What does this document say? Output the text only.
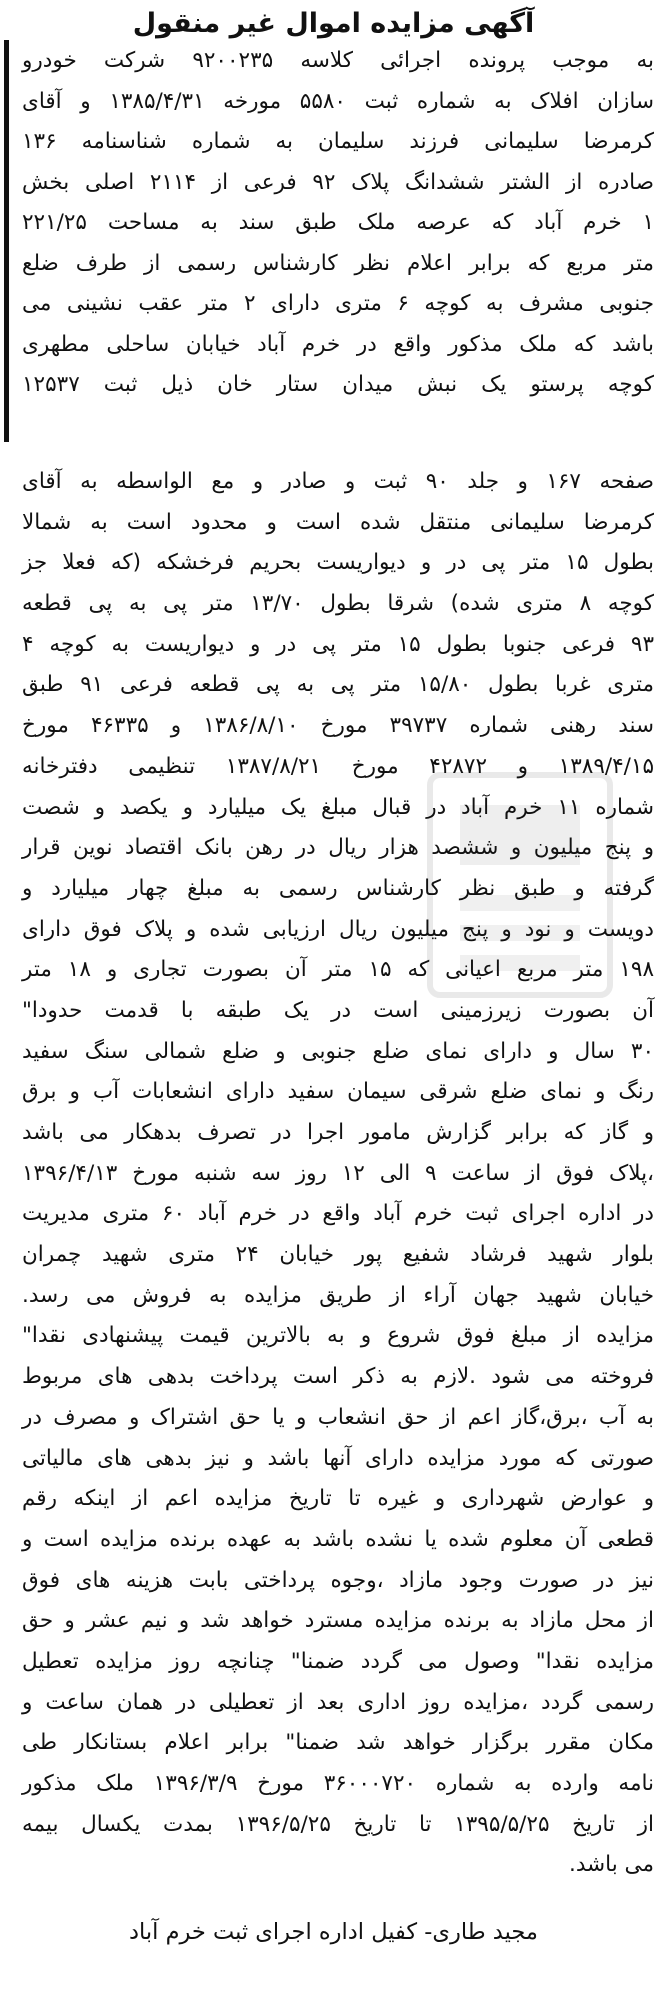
آگهی مزایده اموال غیر منقول
به موجب پرونده اجرائی کلاسه ۹۲۰۰۲۳۵ شرکت خودرو
سازان افلاک به شماره ثبت ۵۵۸۰ مورخه ۱۳۸۵/۴/۳۱ و آقای
کرمرضا سلیمانی فرزند سلیمان به شماره شناسنامه ۱۳۶
صادره از الشتر ششدانگ پلاک ۹۲ فرعی از ۲۱۱۴ اصلی بخش
۱ خرم آباد که عرصه ملک طبق سند به مساحت ۲۲۱/۲۵
متر مربع که برابر اعلام نظر کارشناس رسمی از طرف ضلع
جنوبی مشرف به کوچه ۶ متری دارای ۲ متر عقب نشینی می
باشد که ملک مذکور واقع در خرم آباد خیابان ساحلی مطهری
کوچه پرستو یک نبش میدان ستار خان ذیل ثبت ۱۲۵۳۷
صفحه ۱۶۷ و جلد ۹۰ ثبت و صادر و مع الواسطه به آقای
کرمرضا سلیمانی منتقل شده است و محدود است به شمالا
بطول ۱۵ متر پی در و دیواریست بحریم فرخشکه (که فعلا جز
کوچه ۸ متری شده) شرقا بطول ۱۳/۷۰ متر پی به پی قطعه
۹۳ فرعی جنوبا بطول ۱۵ متر پی در و دیواریست به کوچه ۴
متری غربا بطول ۱۵/۸۰ متر پی به پی قطعه فرعی ۹۱ طبق
سند رهنی شماره ۳۹۷۳۷ مورخ ۱۳۸۶/۸/۱۰ و ۴۶۳۳۵ مورخ
۱۳۸۹/۴/۱۵ و ۴۲۸۷۲ مورخ ۱۳۸۷/۸/۲۱ تنظیمی دفترخانه
شماره ۱۱ خرم آباد در قبال مبلغ یک میلیارد و یکصد و شصت
و پنج میلیون و ششصد هزار ریال در رهن بانک اقتصاد نوین قرار
گرفته و طبق نظر کارشناس رسمی به مبلغ چهار میلیارد و
دویست و نود و پنج میلیون ریال ارزیابی شده و پلاک فوق دارای
۱۹۸ متر مربع اعیانی که ۱۵ متر آن بصورت تجاری و ۱۸ متر
آن بصورت زیرزمینی است در یک طبقه با قدمت حدودا"
۳۰ سال و دارای نمای ضلع جنوبی و ضلع شمالی سنگ سفید
رنگ و نمای ضلع شرقی سیمان سفید دارای انشعابات آب و برق
و گاز که برابر گزارش مامور اجرا در تصرف بدهکار می باشد
،پلاک فوق از ساعت ۹ الی ۱۲ روز سه شنبه مورخ ۱۳۹۶/۴/۱۳
در اداره اجرای ثبت خرم آباد واقع در خرم آباد ۶۰ متری مدیریت
بلوار شهید فرشاد شفیع پور خیابان ۲۴ متری شهید چمران
خیابان شهید جهان آراء از طریق مزایده به فروش می رسد.
مزایده از مبلغ فوق شروع و به بالاترین قیمت پیشنهادی نقدا"
فروخته می شود .لازم به ذکر است پرداخت بدهی های مربوط
به آب ،برق،گاز اعم از حق انشعاب و یا حق اشتراک و مصرف در
صورتی که مورد مزایده دارای آنها باشد و نیز بدهی های مالیاتی
و عوارض شهرداری و غیره تا تاریخ مزایده اعم از اینکه رقم
قطعی آن معلوم شده یا نشده باشد به عهده برنده مزایده است و
نیز در صورت وجود مازاد ،وجوه پرداختی بابت هزینه های فوق
از محل مازاد به برنده مزایده مسترد خواهد شد و نیم عشر و حق
مزایده نقدا" وصول می گردد ضمنا" چنانچه روز مزایده تعطیل
رسمی گردد ،مزایده روز اداری بعد از تعطیلی در همان ساعت و
مکان مقرر برگزار خواهد شد ضمنا" برابر اعلام بستانکار طی
نامه وارده به شماره ۳۶۰۰۰۷۲۰ مورخ ۱۳۹۶/۳/۹ ملک مذکور
از تاریخ ۱۳۹۵/۵/۲۵ تا تاریخ ۱۳۹۶/۵/۲۵ بمدت یکسال بیمه
می باشد.
مجید طاری- کفیل اداره اجرای ثبت خرم آباد
